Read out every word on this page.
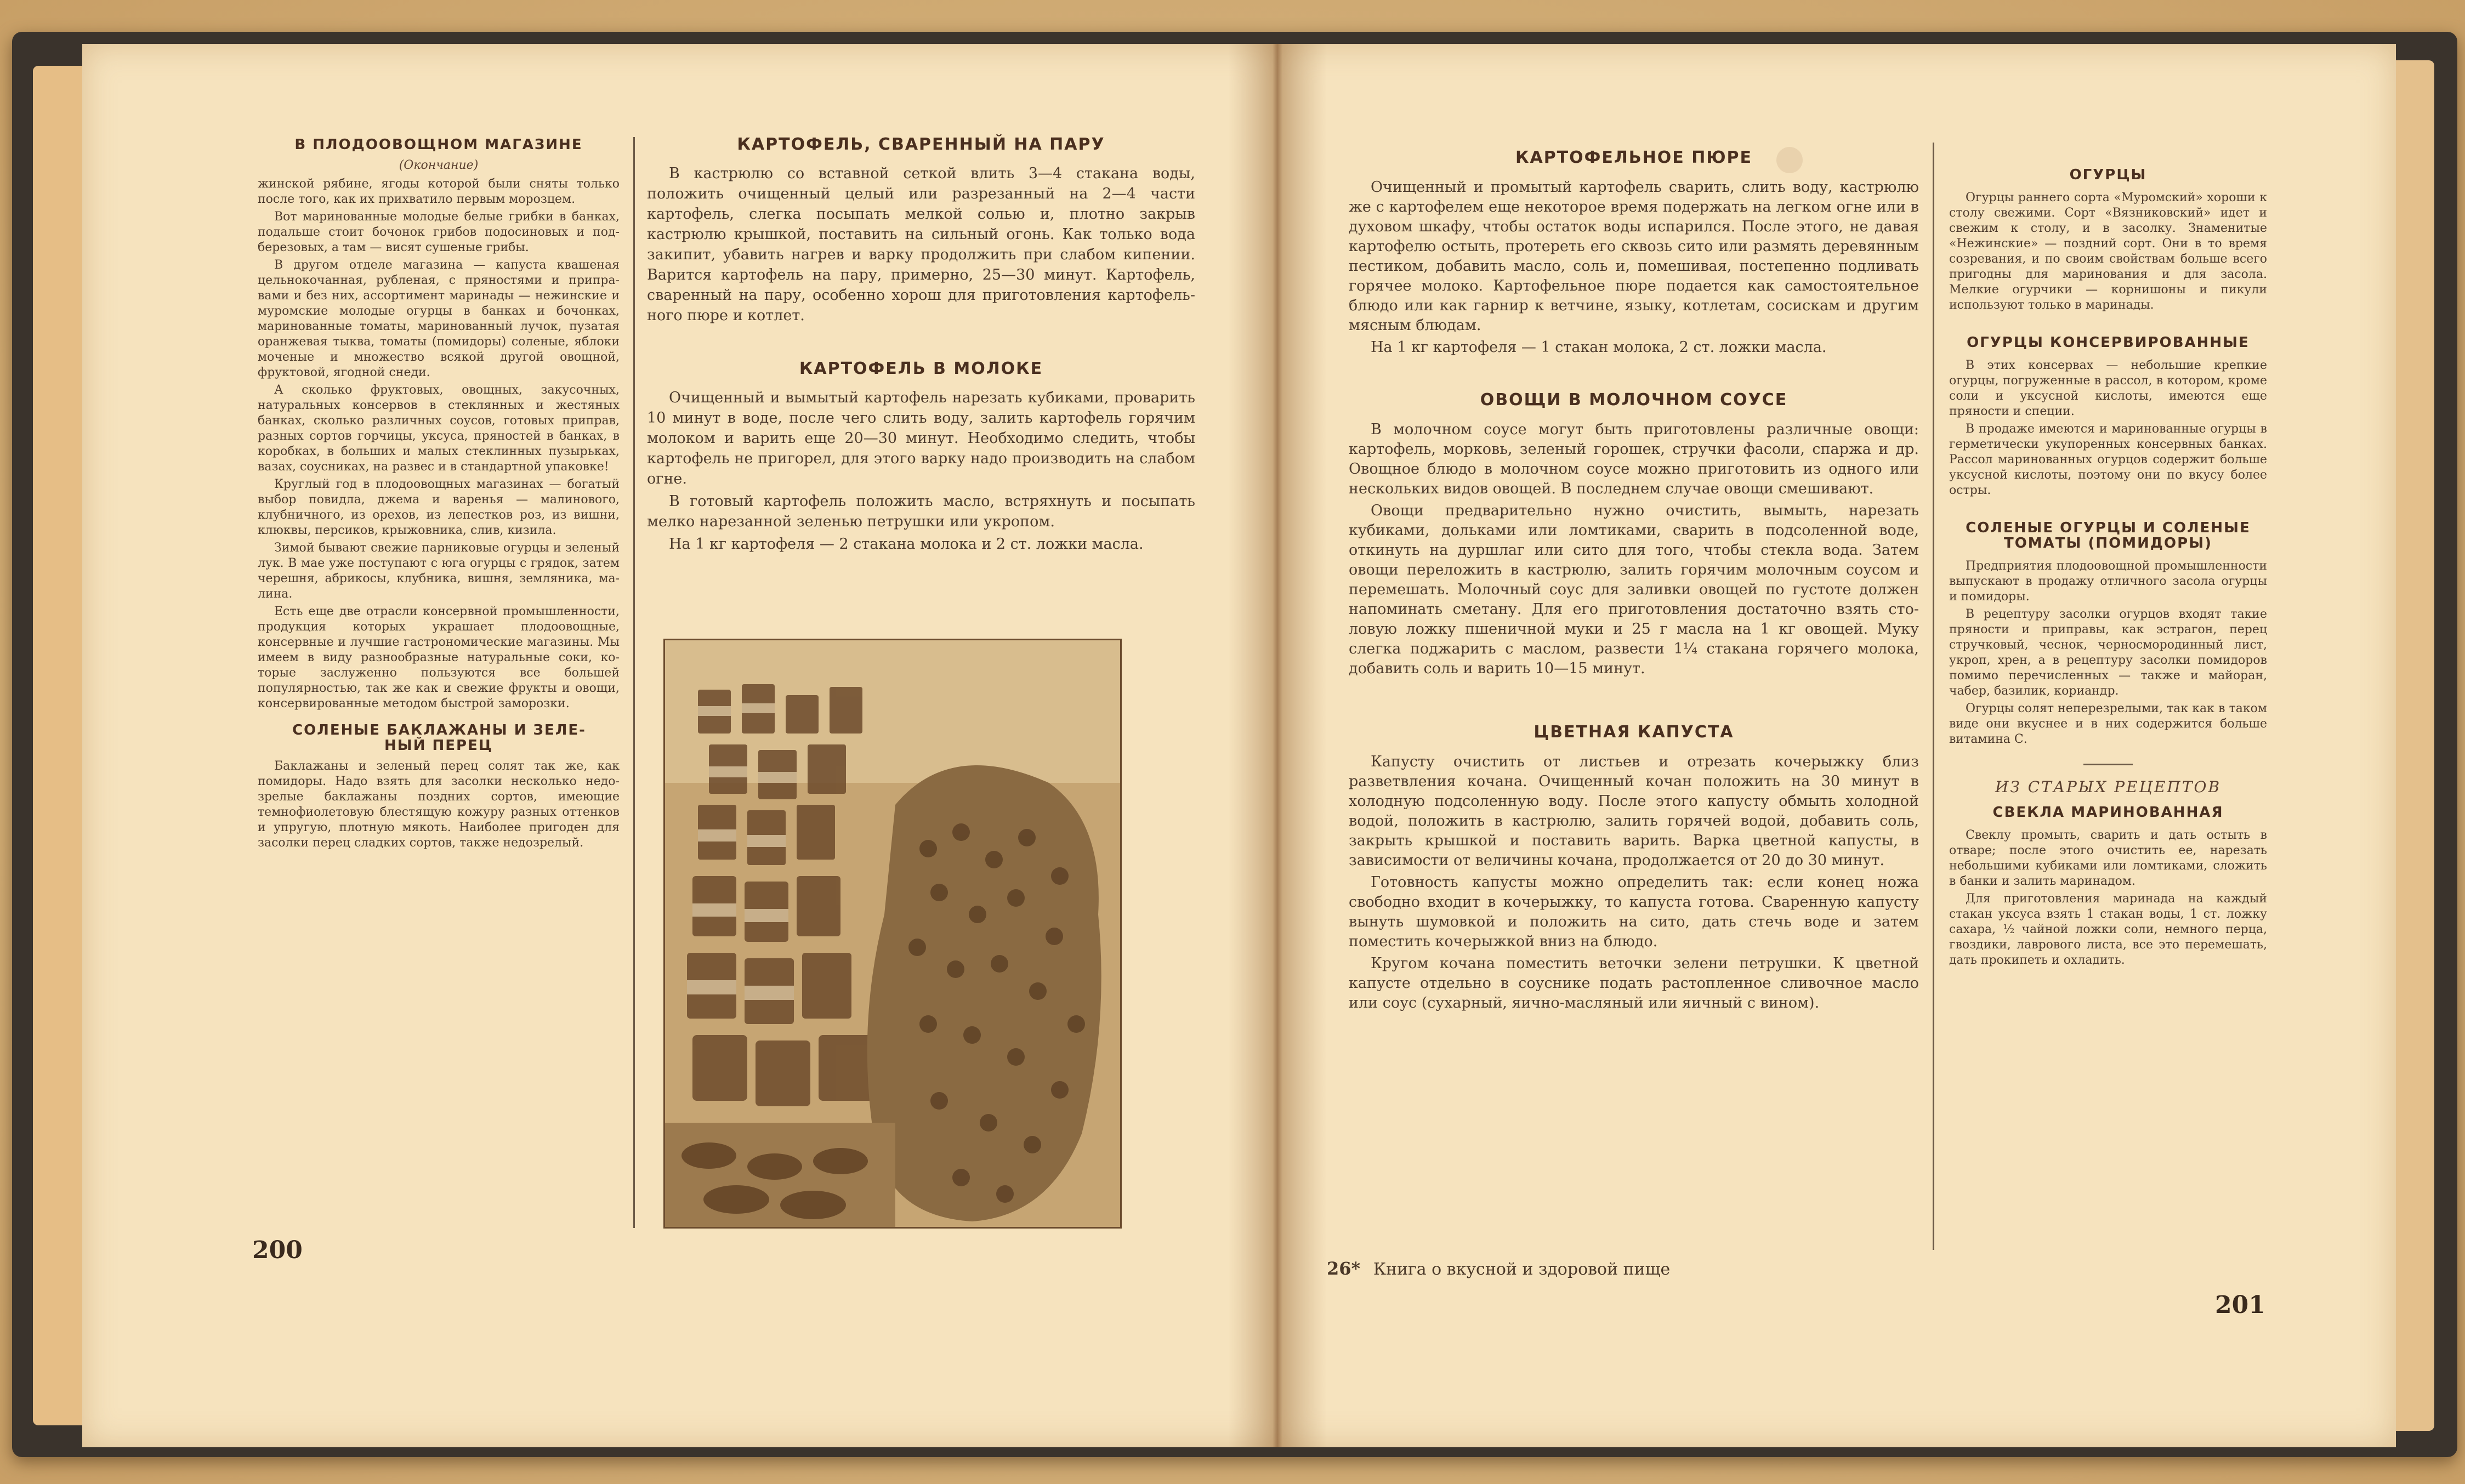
В ПЛОДООВОЩНОМ МАГАЗИНЕ
(Окончание)

жинской рябине, ягоды которой были сняты только после того, как их прихватило первым морозцем.

Вот маринованные молодые белые грибки в банках, подальше стоит бочонок грибов подосиновых и подберезовых, а там — висят сушеные грибы.

В другом отделе магазина — капуста квашеная цельнокочанная, рубленая, с пряностями и приправами и без них, ассортимент маринады — нежинские и муромские молодые огурцы в банках и бочонках, маринованные томаты, маринованный лучок, пузатая оранжевая тыква, томаты (помидоры) соленые, яблоки моченые и множество всякой другой овощной, фруктовой, ягодной снеди.

А сколько фруктовых, овощных, закусочных, натуральных консервов в стеклянных и жестяных банках, сколько различных соусов, готовых приправ, разных сортов горчицы, уксуса, пряностей в банках, в коробках, в больших и малых стеклинных пузырьках, вазах, соусниках, на развес и в стандартной упаковке!

Круглый год в плодоовощных магазинах — богатый выбор повидла, джема и варенья — малинового, клубничного, из орехов, из лепестков роз, из вишни, клюквы, персиков, крыжовника, слив, кизила.

Зимой бывают свежие парниковые огурцы и зеленый лук. В мае уже поступают с юга огурцы с грядок, затем черешня, абрикосы, клубника, вишня, земляника, малина.

Есть еще две отрасли консервной промышленности, продукция которых украшает плодоовощные, консервные и лучшие гастрономические магазины. Мы имеем в виду разнообразные натуральные соки, которые заслуженно пользуются все большей популярностью, так же как и свежие фрукты и овощи, консервированные методом быстрой заморозки.

СОЛЕНЫЕ БАКЛАЖАНЫ И ЗЕЛЕНЫЙ ПЕРЕЦ

Баклажаны и зеленый перец солят так же, как помидоры. Надо взять для засолки несколько недозрелые баклажаны поздних сортов, имеющие темнофиолетовую блестящую кожуру разных оттенков и упругую, плотную мякоть. Наиболее пригоден для засолки перец сладких сортов, также недозрелый.

КАРТОФЕЛЬ, СВАРЕННЫЙ НА ПАРУ

В кастрюлю со вставной сеткой влить 3—4 стакана воды, положить очищенный целый или разрезанный на 2—4 части картофель, слегка посыпать мелкой солью и, плотно закрыв кастрюлю крышкой, поставить на сильный огонь. Как только вода закипит, убавить нагрев и варку продолжить при слабом кипении. Варится картофель на пару, примерно, 25—30 минут. Картофель, сваренный на пару, особенно хорош для приготовления картофельного пюре и котлет.

КАРТОФЕЛЬ В МОЛОКЕ

Очищенный и вымытый картофель нарезать кубиками, проварить 10 минут в воде, после чего слить воду, залить картофель горячим молоком и варить еще 20—30 минут. Необходимо следить, чтобы картофель не пригорел, для этого варку надо производить на слабом огне.

В готовый картофель положить масло, встряхнуть и посыпать мелко нарезанной зеленью петрушки или укропом.

На 1 кг картофеля — 2 стакана молока и 2 ст. ложки масла.

200
КАРТОФЕЛЬНОЕ ПЮРЕ

Очищенный и промытый картофель сварить, слить воду, кастрюлю же с картофелем еще некоторое время подержать на легком огне или в духовом шкафу, чтобы остаток воды испарился. После этого, не давая картофелю остыть, протереть его сквозь сито или размять деревянным пестиком, добавить масло, соль и, помешивая, постепенно подливать горячее молоко. Картофельное пюре подается как самостоятельное блюдо или как гарнир к ветчине, языку, котлетам, сосискам и другим мясным блюдам.

На 1 кг картофеля — 1 стакан молока, 2 ст. ложки масла.

ОВОЩИ В МОЛОЧНОМ СОУСЕ

В молочном соусе могут быть приготовлены различные овощи: картофель, морковь, зеленый горошек, стручки фасоли, спаржа и др. Овощное блюдо в молочном соусе можно приготовить из одного или нескольких видов овощей. В последнем случае овощи смешивают.

Овощи предварительно нужно очистить, вымыть, нарезать кубиками, дольками или ломтиками, сварить в подсоленной воде, откинуть на дуршлаг или сито для того, чтобы стекла вода. Затем овощи переложить в кастрюлю, залить горячим молочным соусом и перемешать. Молочный соус для заливки овощей по густоте должен напоминать сметану. Для его приготовления достаточно взять столовую ложку пшеничной муки и 25 г масла на 1 кг овощей. Муку слегка поджарить с маслом, развести 1¼ стакана горячего молока, добавить соль и варить 10—15 минут.

ЦВЕТНАЯ КАПУСТА

Капусту очистить от листьев и отрезать кочерыжку близ разветвления кочана. Очищенный кочан положить на 30 минут в холодную подсоленную воду. После этого капусту обмыть холодной водой, положить в кастрюлю, залить горячей водой, добавить соль, закрыть крышкой и поставить варить. Варка цветной капусты, в зависимости от величины кочана, продолжается от 20 до 30 минут.

Готовность капусты можно определить так: если конец ножа свободно входит в кочерыжку, то капуста готова. Сваренную капусту вынуть шумовкой и положить на сито, дать стечь воде и затем поместить кочерыжкой вниз на блюдо.

Кругом кочана поместить веточки зелени петрушки. К цветной капусте отдельно в соуснике подать растопленное сливочное масло или соус (сухарный, яично-масляный или яичный с вином).

26* Книга о вкусной и здоровой пище
ОГУРЦЫ

Огурцы раннего сорта «Муромский» хороши к столу свежими. Сорт «Вязниковский» идет и свежим к столу, и в засолку. Знаменитые «Нежинские» — поздний сорт. Они в то время созревания, и по своим свойствам больше всего пригодны для маринования и для засола. Мелкие огурчики — корнишоны и пикули используют только в маринады.

ОГУРЦЫ КОНСЕРВИРОВАННЫЕ

В этих консервах — небольшие крепкие огурцы, погруженные в рассол, в котором, кроме соли и уксусной кислоты, имеются еще пряности и специи.

В продаже имеются и маринованные огурцы в герметически укупоренных консервных банках. Рассол маринованных огурцов содержит больше уксусной кислоты, поэтому они по вкусу более остры.

СОЛЕНЫЕ ОГУРЦЫ И СОЛЕНЫЕ ТОМАТЫ (ПОМИДОРЫ)

Предприятия плодоовощной промышленности выпускают в продажу отличного засола огурцы и помидоры.

В рецептуру засолки огурцов входят такие пряности и приправы, как эстрагон, перец стручковый, чеснок, черносмородинный лист, укроп, хрен, а в рецептуру засолки помидоров помимо перечисленных — также и майоран, чабер, базилик, кориандр.

Огурцы солят неперезрелыми, так как в таком виде они вкуснее и в них содержится больше витамина С.

ИЗ СТАРЫХ РЕЦЕПТОВ
СВЕКЛА МАРИНОВАННАЯ

Свеклу промыть, сварить и дать остыть в отваре; после этого очистить ее, нарезать небольшими кубиками или ломтиками, сложить в банки и залить маринадом.

Для приготовления маринада на каждый стакан уксуса взять 1 стакан воды, 1 ст. ложку сахара, ½ чайной ложки соли, немного перца, гвоздики, лаврового листа, все это перемешать, дать прокипеть и охладить.

201
